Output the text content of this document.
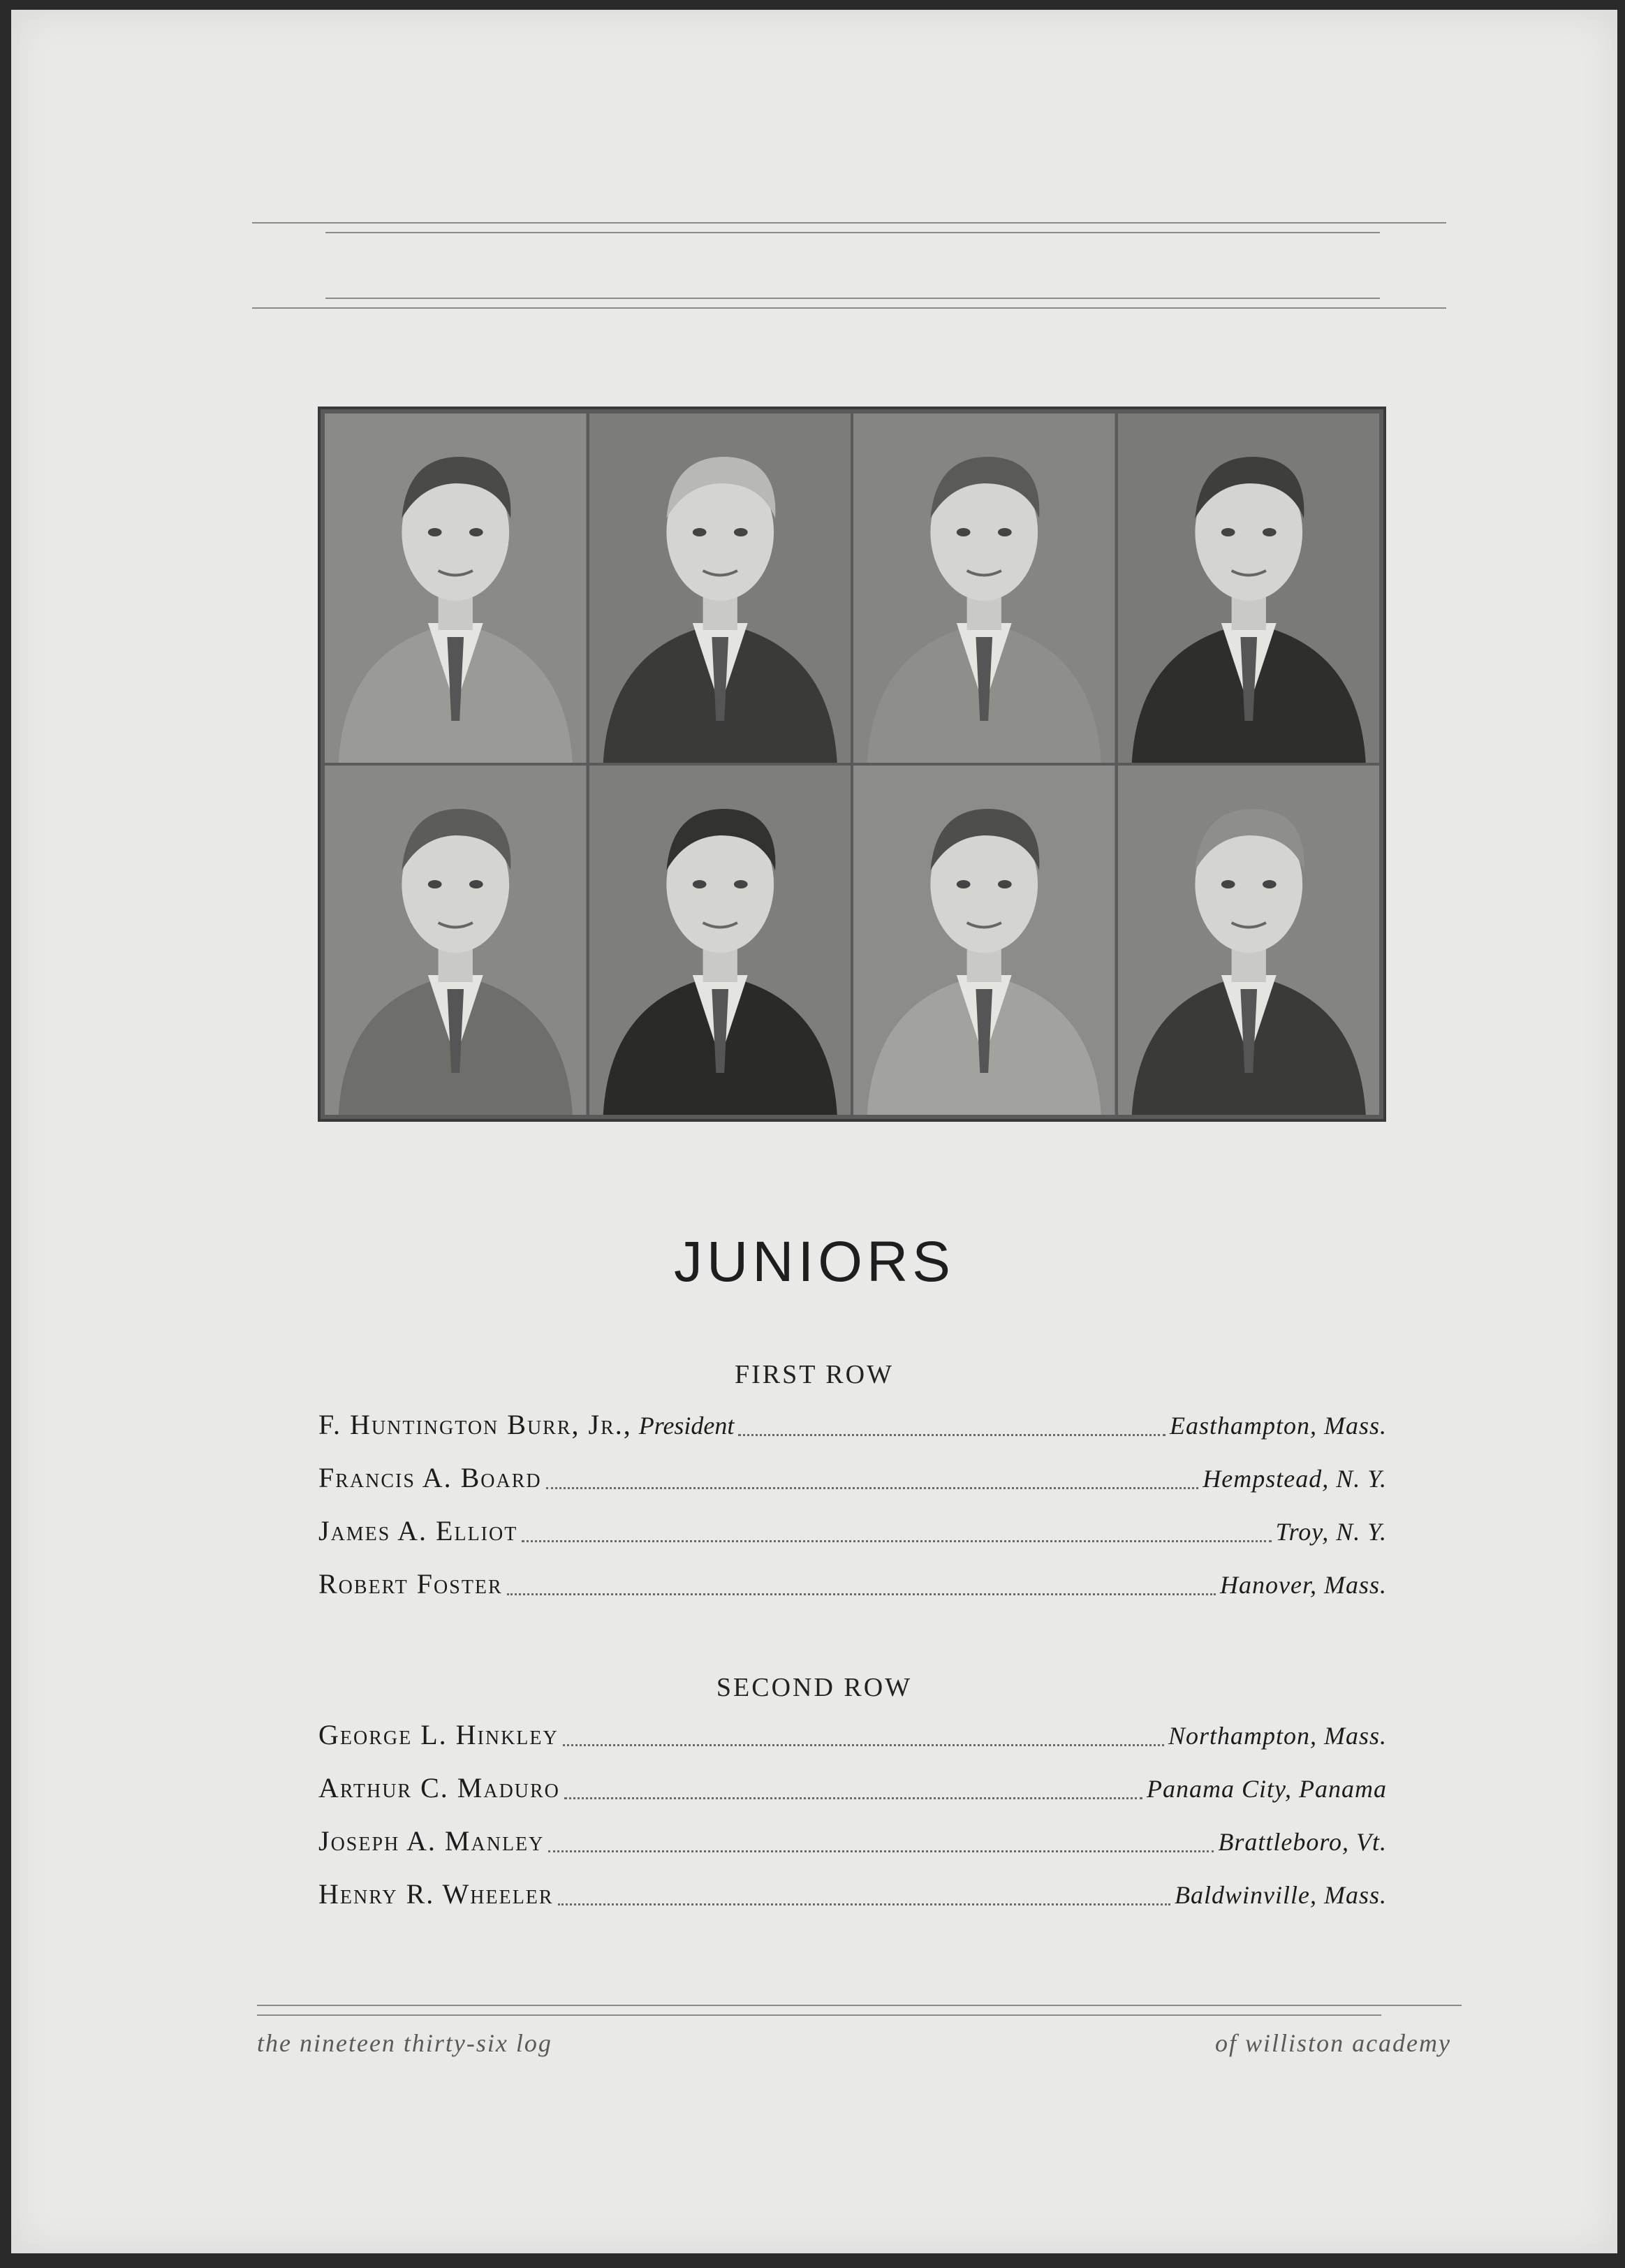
JUNIORS
FIRST ROW
F. Huntington Burr, Jr., President	Easthampton, Mass.
Francis A. Board	Hempstead, N. Y.
James A. Elliot	Troy, N. Y.
Robert Foster	Hanover, Mass.
SECOND ROW
George L. Hinkley	Northampton, Mass.
Arthur C. Maduro	Panama City, Panama
Joseph A. Manley	Brattleboro, Vt.
Henry R. Wheeler	Baldwinville, Mass.
the nineteen thirty-six log	of williston academy
